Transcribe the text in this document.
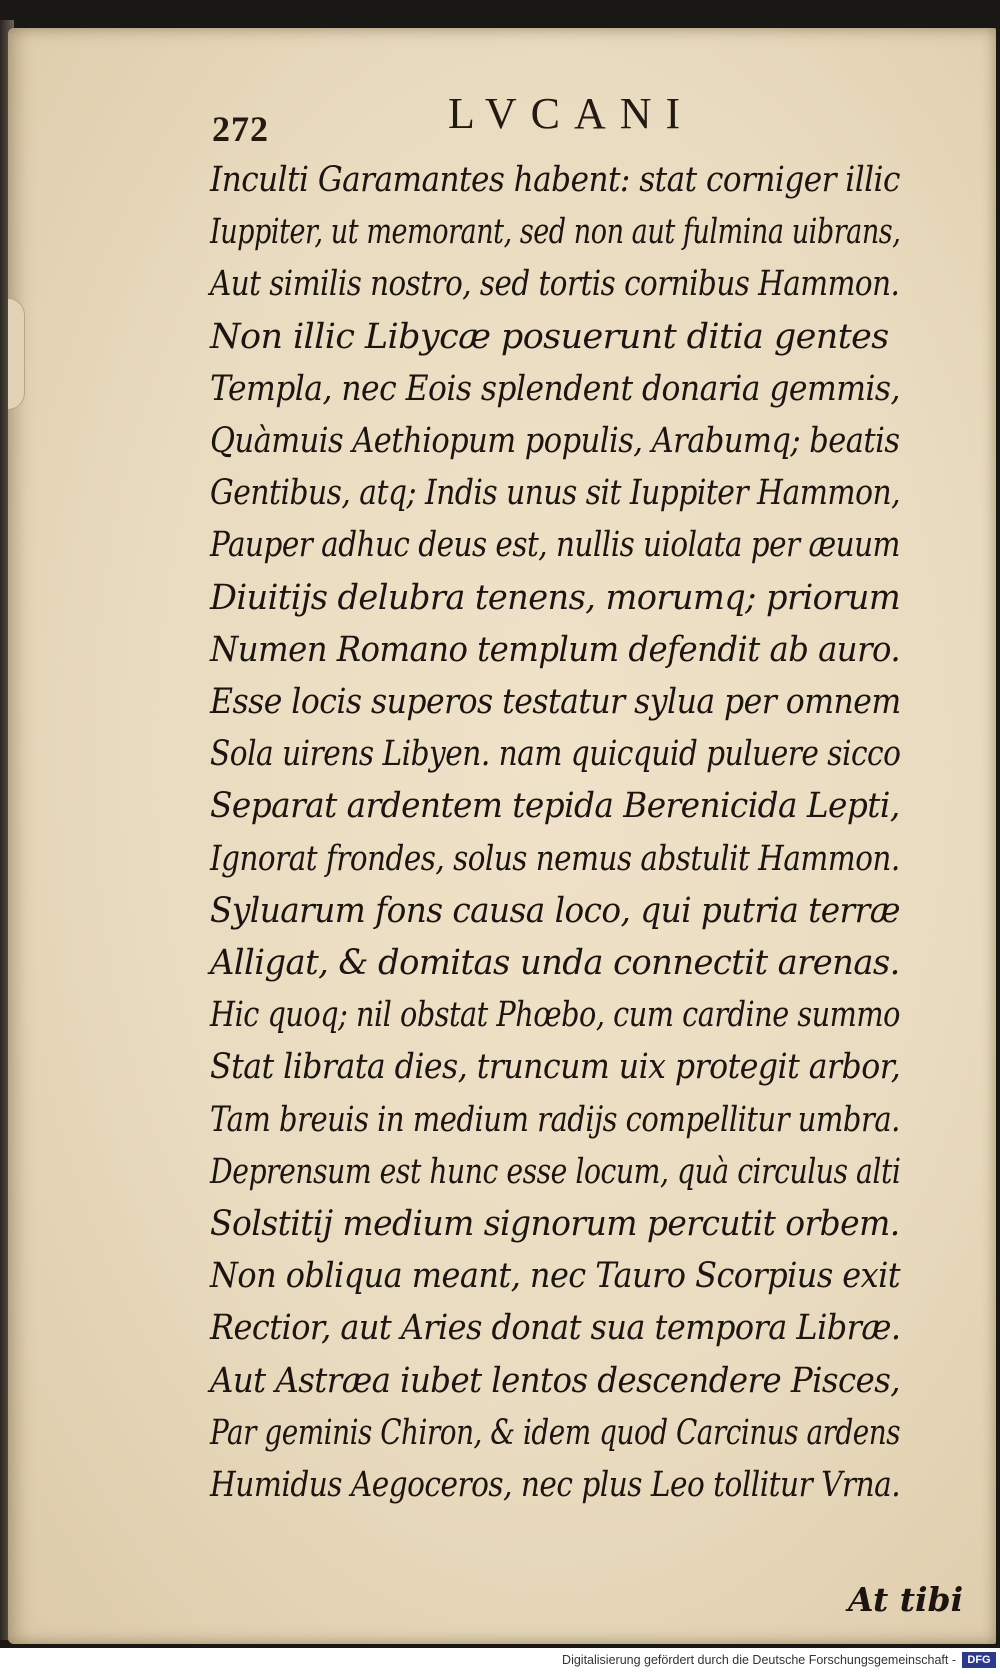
272	LVCANI
Inculti Garamantes habent: stat corniger illic
Iuppiter, ut memorant, sed non aut fulmina uibrans,
Aut similis nostro, sed tortis cornibus Hammon.
Non illic Libycæ posuerunt ditia gentes
Templa, nec Eois splendent donaria gemmis,
Quàmuis Aethiopum populis, Arabumq; beatis
Gentibus, atq; Indis unus sit Iuppiter Hammon,
Pauper adhuc deus est, nullis uiolata per æuum
Diuitijs delubra tenens, morumq; priorum
Numen Romano templum defendit ab auro.
Esse locis superos testatur sylua per omnem
Sola uirens Libyen. nam quicquid puluere sicco
Separat ardentem tepida Berenicida Lepti,
Ignorat frondes, solus nemus abstulit Hammon.
Syluarum fons causa loco, qui putria terræ
Alligat, & domitas unda connectit arenas.
Hic quoq; nil obstat Phœbo, cum cardine summo
Stat librata dies, truncum uix protegit arbor,
Tam breuis in medium radijs compellitur umbra.
Deprensum est hunc esse locum, quà circulus alti
Solstitij medium signorum percutit orbem.
Non obliqua meant, nec Tauro Scorpius exit
Rectior, aut Aries donat sua tempora Libræ.
Aut Astræa iubet lentos descendere Pisces,
Par geminis Chiron, & idem quod Carcinus ardens
Humidus Aegoceros, nec plus Leo tollitur Vrna.
At tibi
Digitalisierung gefördert durch die Deutsche Forschungsgemeinschaft -	DFG
